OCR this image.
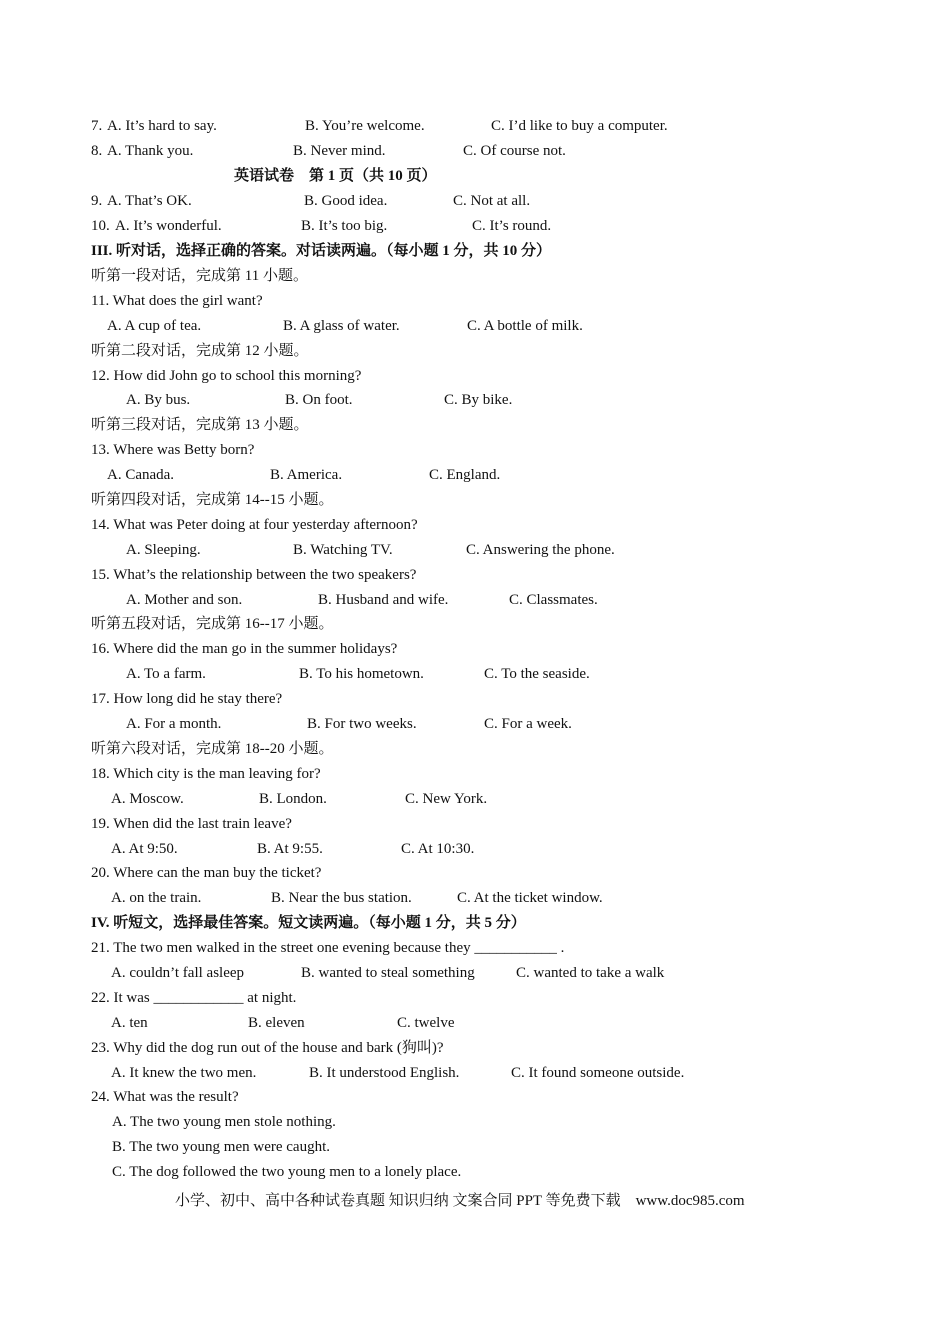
7. A. It’s hard to say.	B. You’re welcome.	C. I’d like to buy a computer.
8. A. Thank you.	B. Never mind.	C. Of course not.
英语试卷　第 1 页（共 10 页）
9. A. That’s OK.	B. Good idea.	C. Not at all.
10. A. It’s wonderful.	B. It’s too big.	C. It’s round.
III. 听对话，选择正确的答案。对话读两遍。（每小题 1 分，共 10 分）
听第一段对话，完成第 11 小题。
11. What does the girl want?
A. A cup of tea.	B. A glass of water.	C. A bottle of milk.
听第二段对话，完成第 12 小题。
12. How did John go to school this morning?
A. By bus.	B. On foot.	C. By bike.
听第三段对话，完成第 13 小题。
13. Where was Betty born?
A. Canada.	B. America.	C. England.
听第四段对话，完成第 14--15 小题。
14. What was Peter doing at four yesterday afternoon?
A. Sleeping.	B. Watching TV.	C. Answering the phone.
15. What’s the relationship between the two speakers?
A. Mother and son.	B. Husband and wife.	C. Classmates.
听第五段对话，完成第 16--17 小题。
16. Where did the man go in the summer holidays?
A. To a farm.	B. To his hometown.	C. To the seaside.
17. How long did he stay there?
A. For a month.	B. For two weeks.	C. For a week.
听第六段对话，完成第 18--20 小题。
18. Which city is the man leaving for?
A. Moscow.	B. London.	C. New York.
19. When did the last train leave?
A. At 9:50.	B. At 9:55.	C. At 10:30.
20. Where can the man buy the ticket?
A. on the train.	B. Near the bus station.	C. At the ticket window.
IV. 听短文，选择最佳答案。短文读两遍。（每小题 1 分，共 5 分）
21. The two men walked in the street one evening because they ___________ .
A. couldn’t fall asleep	B. wanted to steal something	C. wanted to take a walk
22. It was ____________ at night.
A. ten	B. eleven	C. twelve
23. Why did the dog run out of the house and bark (狗叫)?
A. It knew the two men.	B. It understood English.	C. It found someone outside.
24. What was the result?
A. The two young men stole nothing.
B. The two young men were caught.
C. The dog followed the two young men to a lonely place.
小学、初中、高中各种试卷真题 知识归纳 文案合同 PPT 等免费下载　www.doc985.com
